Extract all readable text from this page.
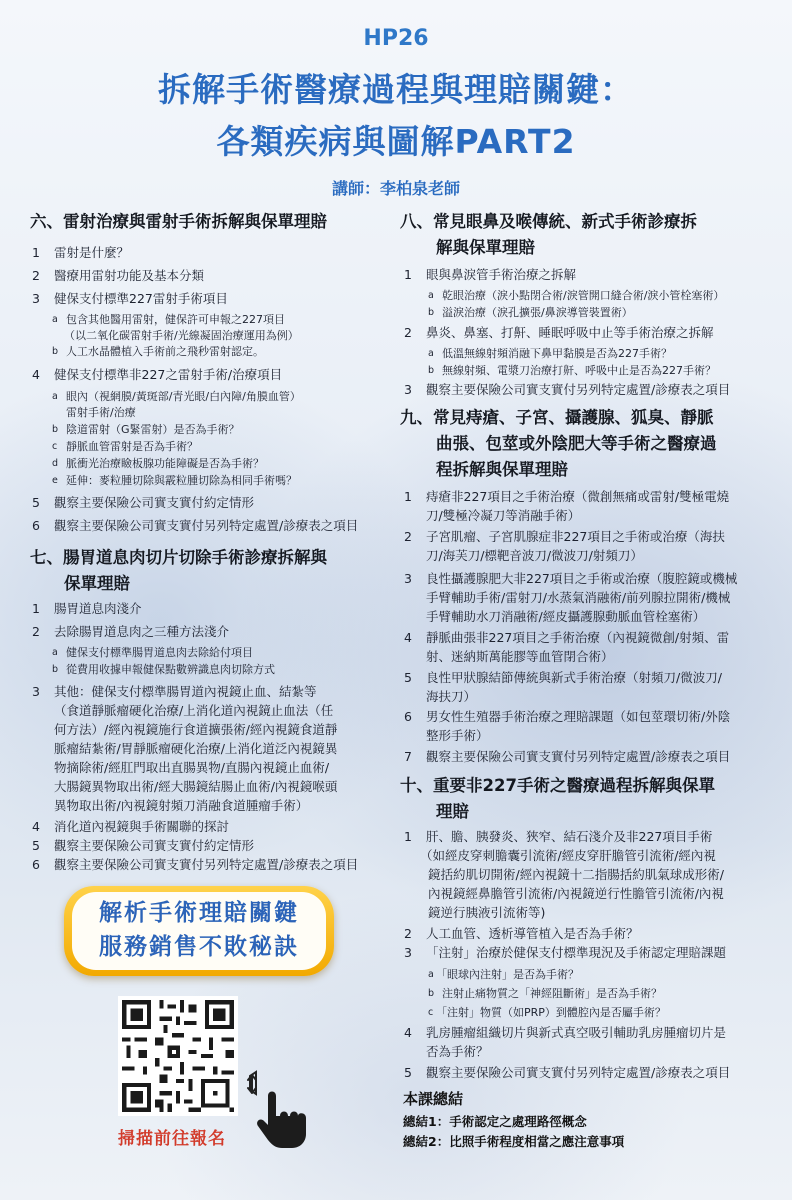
HP26
拆解手術醫療過程與理賠關鍵：
各類疾病與圖解PART2
講師：李柏泉老師
六、雷射治療與雷射手術拆解與保單理賠
1	雷射是什麼？
2	醫療用雷射功能及基本分類
3	健保支付標準227雷射手術項目
a 包含其他醫用雷射，健保許可申報之227項目
（以二氧化碳雷射手術/光線凝固治療運用為例）
b 人工水晶體植入手術前之飛秒雷射認定。
4	健保支付標準非227之雷射手術/治療項目
a 眼內（視網膜/黃斑部/青光眼/白內障/角膜血管）
雷射手術/治療
b 陰道雷射（G緊雷射）是否為手術？
c 靜脈血管雷射是否為手術？
d 脈衝光治療瞼板腺功能障礙是否為手術？
e 延伸：麥粒腫切除與霰粒腫切除為相同手術嗎？
5	觀察主要保險公司實支實付約定情形
6	觀察主要保險公司實支實付另列特定處置/診療表之項目
七、腸胃道息肉切片切除手術診療拆解與
保單理賠
1	腸胃道息肉淺介
2	去除腸胃道息肉之三種方法淺介
a 健保支付標準腸胃道息肉去除給付項目
b 從費用收據申報健保點數辨識息肉切除方式
3	其他：健保支付標準腸胃道內視鏡止血、結紮等
（食道靜脈瘤硬化治療/上消化道內視鏡止血法（任
何方法）/經內視鏡施行食道擴張術/經內視鏡食道靜
脈瘤結紮術/胃靜脈瘤硬化治療/上消化道泛內視鏡異
物摘除術/經肛門取出直腸異物/直腸內視鏡止血術/
大腸鏡異物取出術/經大腸鏡結腸止血術/內視鏡喉頭
異物取出術/內視鏡射頻刀消融食道腫瘤手術）
4	消化道內視鏡與手術關聯的探討
5	觀察主要保險公司實支實付約定情形
6	觀察主要保險公司實支實付另列特定處置/診療表之項目
解析手術理賠關鍵
服務銷售不敗秘訣
掃描前往報名
八、常見眼鼻及喉傳統、新式手術診療拆
解與保單理賠
1	眼與鼻淚管手術治療之拆解
a 乾眼治療（淚小點閉合術/淚管開口縫合術/淚小管栓塞術）
b 溢淚治療（淚孔擴張/鼻淚導管裝置術）
2	鼻炎、鼻塞、打鼾、睡眠呼吸中止等手術治療之拆解
a 低溫無線射頻消融下鼻甲黏膜是否為227手術？
b 無線射頻、電漿刀治療打鼾、呼吸中止是否為227手術？
3	觀察主要保險公司實支實付另列特定處置/診療表之項目
九、常見痔瘡、子宮、攝護腺、狐臭、靜脈
曲張、包莖或外陰肥大等手術之醫療過
程拆解與保單理賠
1	痔瘡非227項目之手術治療（微創無痛或雷射/雙極電燒
刀/雙極冷凝刀等消融手術）
2	子宮肌瘤、子宮肌腺症非227項目之手術或治療（海扶
刀/海芙刀/標靶音波刀/微波刀/射頻刀）
3	良性攝護腺肥大非227項目之手術或治療（腹腔鏡或機械
手臂輔助手術/雷射刀/水蒸氣消融術/前列腺拉開術/機械
手臂輔助水刀消融術/經皮攝護腺動脈血管栓塞術）
4	靜脈曲張非227項目之手術治療（內視鏡微創/射頻、雷
射、迷納斯萬能膠等血管閉合術）
5	良性甲狀腺結節傳統與新式手術治療（射頻刀/微波刀/
海扶刀）
6	男女性生殖器手術治療之理賠課題（如包莖環切術/外陰
整形手術）
7	觀察主要保險公司實支實付另列特定處置/診療表之項目
十、重要非227手術之醫療過程拆解與保單
理賠
1	肝、膽、胰發炎、狹窄、結石淺介及非227項目手術
（如經皮穿刺膽囊引流術/經皮穿肝膽管引流術/經內視
鏡括約肌切開術/經內視鏡十二指腸括約肌氣球成形術/
內視鏡經鼻膽管引流術/內視鏡逆行性膽管引流術/內視
鏡逆行胰液引流術等)
2	人工血管、透析導管植入是否為手術？
3	「注射」治療於健保支付標準現況及手術認定理賠課題
a 「眼球內注射」是否為手術？
b 注射止痛物質之「神經阻斷術」是否為手術？
c 「注射」物質（如PRP）到體腔內是否屬手術？
4	乳房腫瘤組織切片與新式真空吸引輔助乳房腫瘤切片是
否為手術？
5	觀察主要保險公司實支實付另列特定處置/診療表之項目
本課總結
總結1：手術認定之處理路徑概念
總結2：比照手術程度相當之應注意事項
